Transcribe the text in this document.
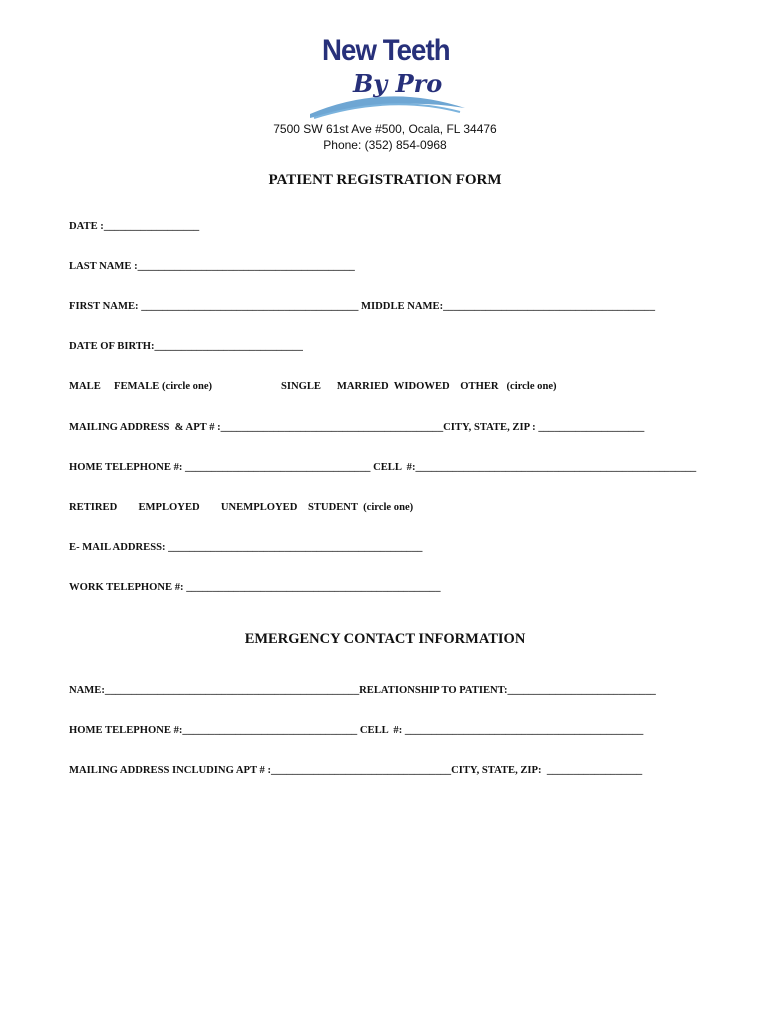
New Teeth
By Pro
7500 SW 61st Ave #500, Ocala, FL 34476
Phone: (352) 854-0968
PATIENT REGISTRATION FORM
DATE :__________________
LAST NAME :_________________________________________
FIRST NAME: _________________________________________ MIDDLE NAME:________________________________________
DATE OF BIRTH:____________________________
MALE     FEMALE (circle one)                          SINGLE      MARRIED  WIDOWED    OTHER   (circle one)
MAILING ADDRESS  & APT # :__________________________________________CITY, STATE, ZIP : ____________________
HOME TELEPHONE #: ___________________________________ CELL  #:_____________________________________________________
RETIRED        EMPLOYED        UNEMPLOYED    STUDENT  (circle one)
E- MAIL ADDRESS: ________________________________________________
WORK TELEPHONE #: ________________________________________________
EMERGENCY CONTACT INFORMATION
NAME:________________________________________________RELATIONSHIP TO PATIENT:____________________________
HOME TELEPHONE #:_________________________________ CELL  #: _____________________________________________
MAILING ADDRESS INCLUDING APT # :__________________________________CITY, STATE, ZIP:  __________________
